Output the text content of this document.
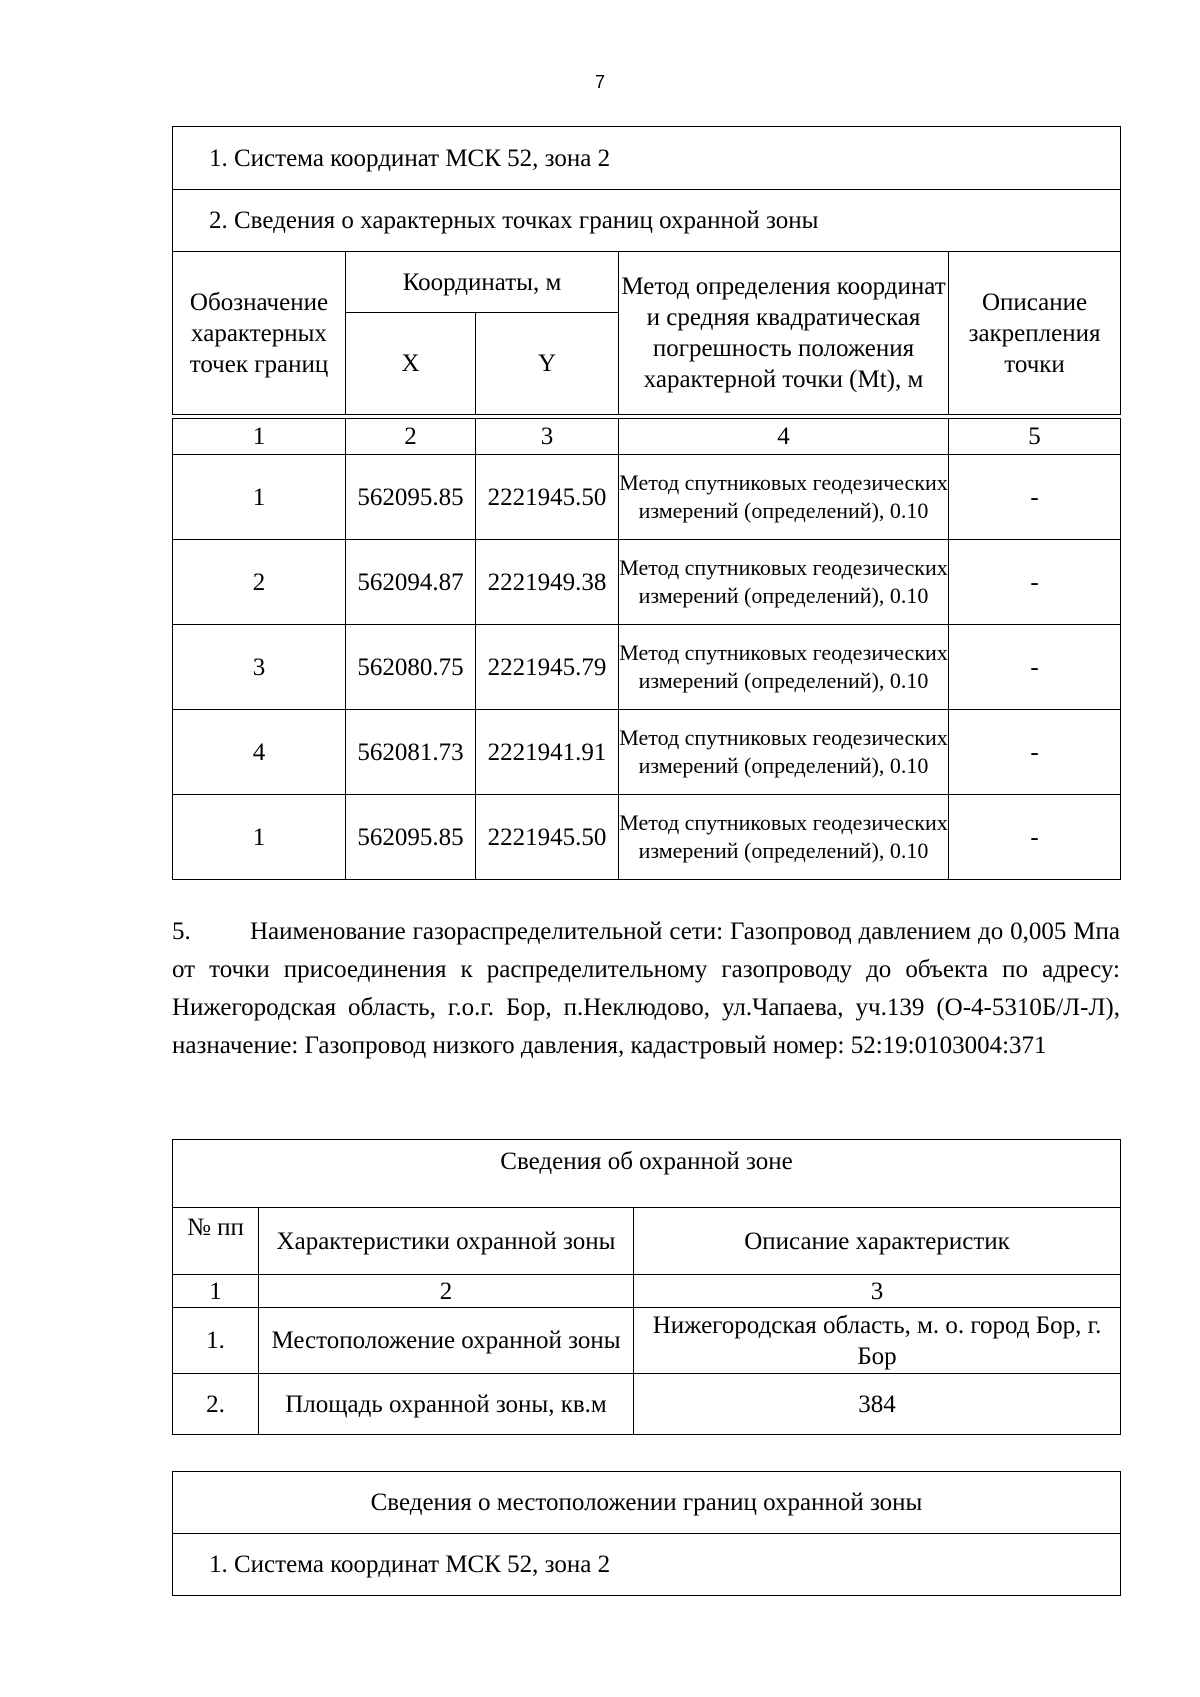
7
1. Система координат МСК 52, зона 2				
2. Сведения о характерных точках границ охранной зоны				
Обозначение характерных точек границ	Координаты, м		Метод определения координат и средняя квадратическая погрешность положения характерной точки (Mt), м	Описание закрепления точки
	X	Y		
1	2	3	4	5
1	562095.85	2221945.50	Метод спутниковых геодезических измерений (определений), 0.10	-
2	562094.87	2221949.38	Метод спутниковых геодезических измерений (определений), 0.10	-
3	562080.75	2221945.79	Метод спутниковых геодезических измерений (определений), 0.10	-
4	562081.73	2221941.91	Метод спутниковых геодезических измерений (определений), 0.10	-
1	562095.85	2221945.50	Метод спутниковых геодезических измерений (определений), 0.10	-
5. Наименование газораспределительной сети: Газопровод давлением до 0,005 Мпа от точки присоединения к распределительному газопроводу до объекта по адресу: Нижегородская область, г.о.г. Бор, п.Неклюдово, ул.Чапаева, уч.139 (О-4-5310Б/Л-Л), назначение: Газопровод низкого давления, кадастровый номер: 52:19:0103004:371
Сведения об охранной зоне		
№ пп	Характеристики охранной зоны	Описание характеристик
1	2	3
1.	Местоположение охранной зоны	Нижегородская область, м. о. город Бор, г. Бор
2.	Площадь охранной зоны, кв.м	384
Сведения о местоположении границ охранной зоны
1. Система координат МСК 52, зона 2
